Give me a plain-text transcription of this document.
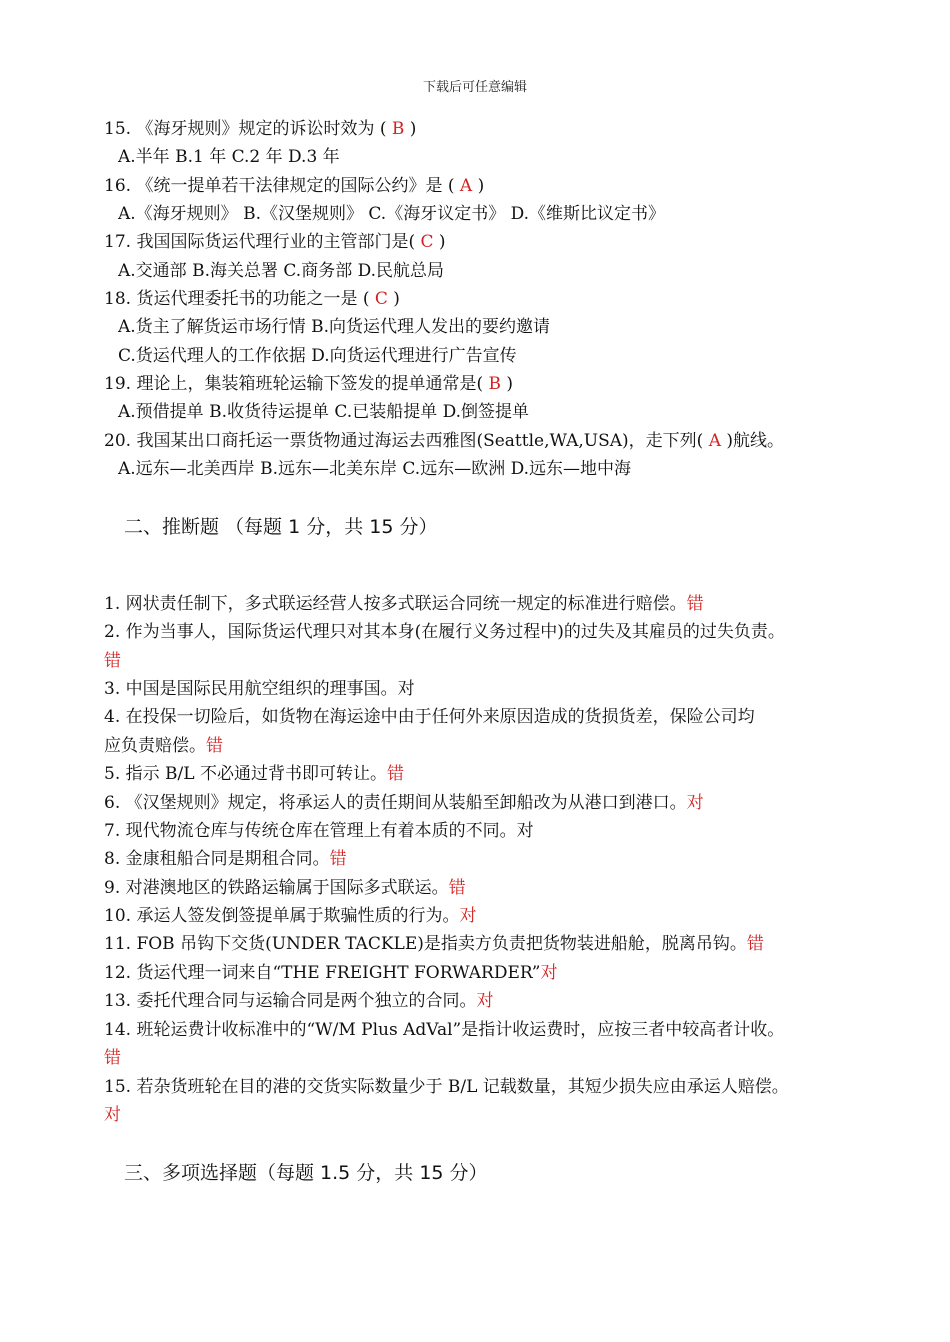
下载后可任意编辑
15. 《海牙规则》规定的诉讼时效为 ( B )
A.半年 B.1 年 C.2 年 D.3 年
16. 《统一提单若干法律规定的国际公约》是 ( A )
A.《海牙规则》 B.《汉堡规则》 C.《海牙议定书》 D.《维斯比议定书》
17. 我国国际货运代理行业的主管部门是( C )
A.交通部 B.海关总署 C.商务部 D.民航总局
18. 货运代理委托书的功能之一是 ( C )
A.货主了解货运市场行情 B.向货运代理人发出的要约邀请
C.货运代理人的工作依据 D.向货运代理进行广告宣传
19. 理论上，集装箱班轮运输下签发的提单通常是( B )
A.预借提单 B.收货待运提单 C.已装船提单 D.倒签提单
20. 我国某出口商托运一票货物通过海运去西雅图(Seattle,WA,USA)，走下列( A )航线。
A.远东—北美西岸 B.远东—北美东岸 C.远东—欧洲 D.远东—地中海
二、推断题 （每题 1 分，共 15 分）
1. 网状责任制下，多式联运经营人按多式联运合同统一规定的标准进行赔偿。错
2. 作为当事人，国际货运代理只对其本身(在履行义务过程中)的过失及其雇员的过失负责。
错
3. 中国是国际民用航空组织的理事国。对
4. 在投保一切险后，如货物在海运途中由于任何外来原因造成的货损货差，保险公司均
应负责赔偿。错
5. 指示 B/L 不必通过背书即可转让。错
6. 《汉堡规则》规定，将承运人的责任期间从装船至卸船改为从港口到港口。对
7. 现代物流仓库与传统仓库在管理上有着本质的不同。对
8. 金康租船合同是期租合同。错
9. 对港澳地区的铁路运输属于国际多式联运。错
10. 承运人签发倒签提单属于欺骗性质的行为。对
11. FOB 吊钩下交货(UNDER TACKLE)是指卖方负责把货物装进船舱，脱离吊钩。错
12. 货运代理一词来自“THE FREIGHT FORWARDER”对
13. 委托代理合同与运输合同是两个独立的合同。对
14. 班轮运费计收标准中的“W/M Plus AdVal”是指计收运费时，应按三者中较高者计收。
错
15. 若杂货班轮在目的港的交货实际数量少于 B/L 记载数量，其短少损失应由承运人赔偿。
对
三、多项选择题（每题 1.5 分，共 15 分）
